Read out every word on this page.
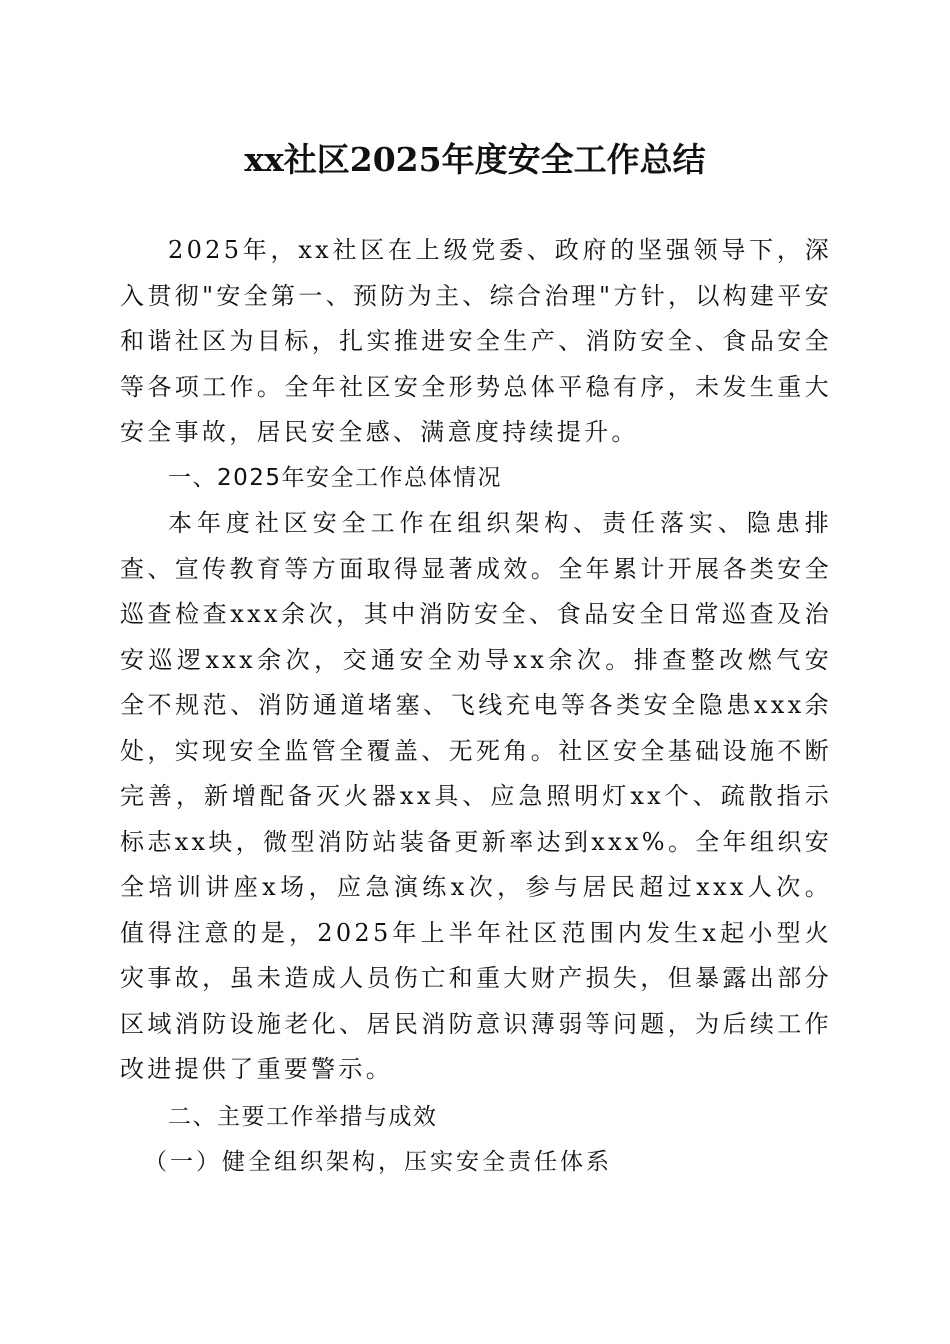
xx社区2025年度安全工作总结

2025年，xx社区在上级党委、政府的坚强领导下，深入贯彻"安全第一、预防为主、综合治理"方针，以构建平安和谐社区为目标，扎实推进安全生产、消防安全、食品安全等各项工作。全年社区安全形势总体平稳有序，未发生重大安全事故，居民安全感、满意度持续提升。

一、2025年安全工作总体情况

本年度社区安全工作在组织架构、责任落实、隐患排查、宣传教育等方面取得显著成效。全年累计开展各类安全巡查检查xxx余次，其中消防安全、食品安全日常巡查及治安巡逻xxx余次，交通安全劝导xx余次。排查整改燃气安全不规范、消防通道堵塞、飞线充电等各类安全隐患xxx余处，实现安全监管全覆盖、无死角。社区安全基础设施不断完善，新增配备灭火器xx具、应急照明灯xx个、疏散指示标志xx块，微型消防站装备更新率达到xxx%。全年组织安全培训讲座x场，应急演练x次，参与居民超过xxx人次。值得注意的是，2025年上半年社区范围内发生x起小型火灾事故，虽未造成人员伤亡和重大财产损失，但暴露出部分区域消防设施老化、居民消防意识薄弱等问题，为后续工作改进提供了重要警示。

二、主要工作举措与成效

（一）健全组织架构，压实安全责任体系
